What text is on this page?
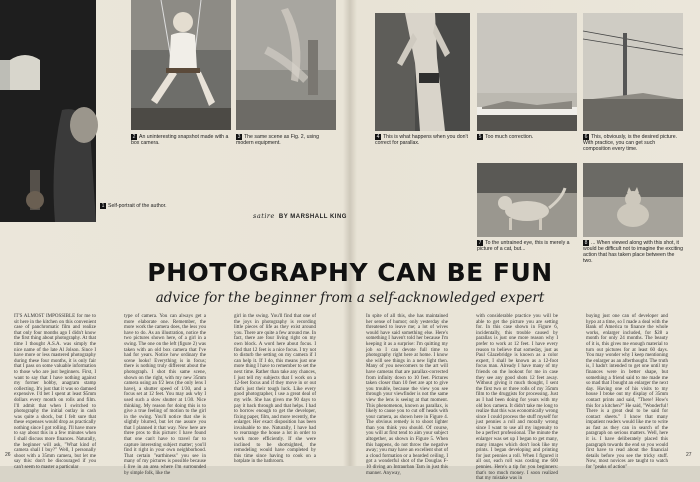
1 Self-portrait of the author.
2 An uninteresting snapshot made with a box camera.
3 The same scene as Fig. 2, using modern equipment.
satire BY MARSHALL KING
4 This is what happens when you don't correct for parallax.
5 Too much correction.	6 This, obviously, is the desired picture. With practice, you can get such composition every time.
7 To the untrained eye, this is merely a picture of a cat, but...
8 ... When viewed along with this shot, it would be difficult not to imagine the exciting action that has taken place between the two.
PHOTOGRAPHY CAN BE FUN
advice for the beginner from a self-acknowledged expert
IT'S ALMOST IMPOSSIBLE for me to sit here in the kitchen on this convenient case of panchromatic film and realize that only four months ago I didn't know the first thing about photography. At that time I thought A.S.A. was simply the nice name of the late Al Jolson. Since I have more or less mastered photography during these four months, it is only fair that I pass on some valuable information to those who are just beginners. First, I want to say that I have nothing against my former hobby, anagram stamp collecting. It's just that it was so damned expensive. I'd bet I spent at least $5mm dollars every month on rolls and film. I'll admit that when I switched to photography the initial outlay in cash was quite a shock, but I felt sure that these expenses would drop as practically nothing since I got rolling. I'll have more to say about this in a few minutes when I shall discuss more finances. Naturally, the beginner will ask, "What kind of camera shall I buy?" Well, I personally shoot with a 35mm camera, but let me say this: don't be discouraged if you can't seem to master a particular
type of camera. You can always get a more elaborate one. Remember, the more work the camera does, the less you have to do. As an illustration, notice the two pictures shown here, of a girl in a swing. The one on the left (figure 2) was taken with an old box camera that I've had for years. Notice how ordinary the scene looks! Everything is in focus; there is nothing truly different about the photograph. I shot this same scene, shown on the right, with my new 35mm camera using an f/2 lens (the only lens I have), a shutter speed of 1/30, and a focus set at 12 feet. You may ask why I used such a slow shutter at 1/30. Nice thinking. My reason for doing this is to give a true feeling of motion to the girl in the swing. You'll notice that she is slightly blurred, but let me assure you that I planned it that way. Now here are three pros to this picture: I have found that one can't have to travel far to capture interesting subject matter; you'll find it right in your own neighborhood. That certain "earthiness" you see in many of my pictures is possible because I live in an area where I'm surrounded by simple folk, like the
girl in the swing. You'll find that one of the joys in photography is recording little pieces of life as they exist around you. There are quite a few around me. In fact, there are four living right on my own block. A word here about focus. I find that 12 feet is a nice focus. I try not to disturb the setting on my camera if I can help it. If I do, this means just one more thing I have to remember to set the next time. Rather than take any chances, I just tell my subjects that I work on a 12-feet focus and if they move in or out that's just their tough luck. Like every good photographer, I use a great deal of my wife. She has given me 90 days to pay it back through and that helps. I had to borrow enough to get the developer, fixing paper, film, and more recently, the enlarger. Her exact disposition has been invaluable to me. Naturally, I have had to rearrange the house a lot in order to work more efficiently. If she were inclined to be shortsighted, the remodeling would have completed by this time since having to cook on a hotplate in the bathroom.
In spite of all this, she has maintained her sense of humor; only yesterday she threatened to leave me; a lot of wives would have said something else. Here's something I haven't told her because I'm keeping it as a surprise: I'm quitting my job so I can devote full time to photography right here at home. I know she will see things in a new light then. Many of you newcomers to the art will have cameras that are parallax-corrected from infinity down to 10 feet. Pictures taken closer than 10 feet are apt to give you trouble, because the view you see through your viewfinder is not the same view the lens is seeing at that moment. This phenomenon, known as parallax, is likely to cause you to cut off heads with your camera, as shown here in Figure 4. The obvious remedy is to shoot lighter than you think you should. Of course, you will at first tend to aim your subject altogether, as shown in Figure 5. When this happens, do not throw the negative away; you may have an excellent shot of a cloud formation or a bearded ceiling. I got a wonderful shot of the Douglas F-10 diving an Intraurban Tarn in just this manner. Anyway,
with considerable practice you will be able to get the picture you are setting for. In this case shown in Figure 6, incidentally, this trouble caused by parallax is just one more reason why I prefer to work at 12 feet. I have every reason to believe that someday, just as Paul Glazebridge is known as a color expert, I shall be known as a 12-foot focus man. Already I have many of my friends on the lookout for me in case they see any good shots 12 feet away. Without giving it much thought, I sent the first two or three rolls of my 35mm film to the druggists for processing. Just as I had been doing for years with my old box camera. It didn't take me long to realize that this was economically wrong since I could process the stuff myself for just pennies a roll and morally wrong since I want to use all my ingenuity to be a perfect professional. The minute the enlarger was set up I began to get many, many images which don't look like my prints. I began developing and printing for just pennies a roll. When I figured it all out, each roll was costing me 600 pennies. Here's a tip for you beginners: that's too much money. I soon realized that my mistake was in
buying just one can of developer and hypo at a time, so I made a deal with the Bank of America to finance the whole works, enlarger included, for $28 a month for only 24 months. The beauty of it is, this gives me enough material to turn out pictures for at least 60 days. You may wonder why I keep mentioning the enlarger as an afterthought. The truth is, I hadn't intended to get one until my finances were in better shape, but something a friend said to me made me so mad that I bought an enlarger the next day. Having one of his visits to my house I broke out my display of 35mm contact prints and said, "There! How's this for a kitchen?" He said, "Wonderful! There is a great deal to be said for contact sheets." I know that many impatient readers would like me to write as fast as they can in search of the paragraph on serious matters. Well, here it is. I have deliberately placed this paragraph towards the end so you would first have to read about the financial details before you see the tricky stuff. Now, most novices are taught to watch for "peaks of action"
26	27
